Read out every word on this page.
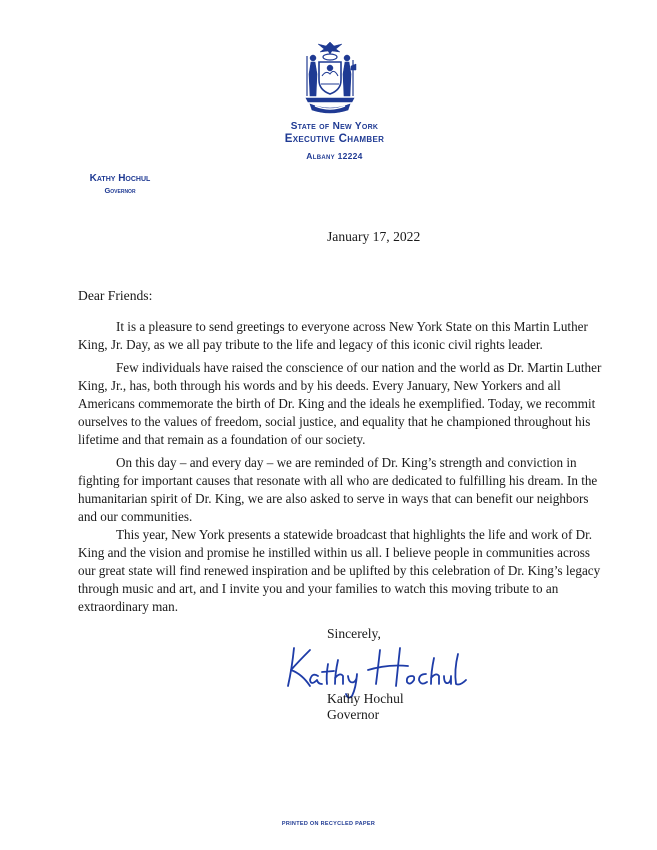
State of New York
Executive Chamber
Albany 12224
Kathy Hochul
Governor
January 17, 2022
Dear Friends:

It is a pleasure to send greetings to everyone across New York State on this Martin Luther King, Jr. Day, as we all pay tribute to the life and legacy of this iconic civil rights leader.

Few individuals have raised the conscience of our nation and the world as Dr. Martin Luther King, Jr., has, both through his words and by his deeds. Every January, New Yorkers and all Americans commemorate the birth of Dr. King and the ideals he exemplified. Today, we recommit ourselves to the values of freedom, social justice, and equality that he championed throughout his lifetime and that remain as a foundation of our society.

On this day – and every day – we are reminded of Dr. King’s strength and conviction in fighting for important causes that resonate with all who are dedicated to fulfilling his dream. In the humanitarian spirit of Dr. King, we are also asked to serve in ways that can benefit our neighbors and our communities.

This year, New York presents a statewide broadcast that highlights the life and work of Dr. King and the vision and promise he instilled within us all. I believe people in communities across our great state will find renewed inspiration and be uplifted by this celebration of Dr. King’s legacy through music and art, and I invite you and your families to watch this moving tribute to an extraordinary man.

Sincerely,
Kathy Hochul
Governor
PRINTED ON RECYCLED PAPER
